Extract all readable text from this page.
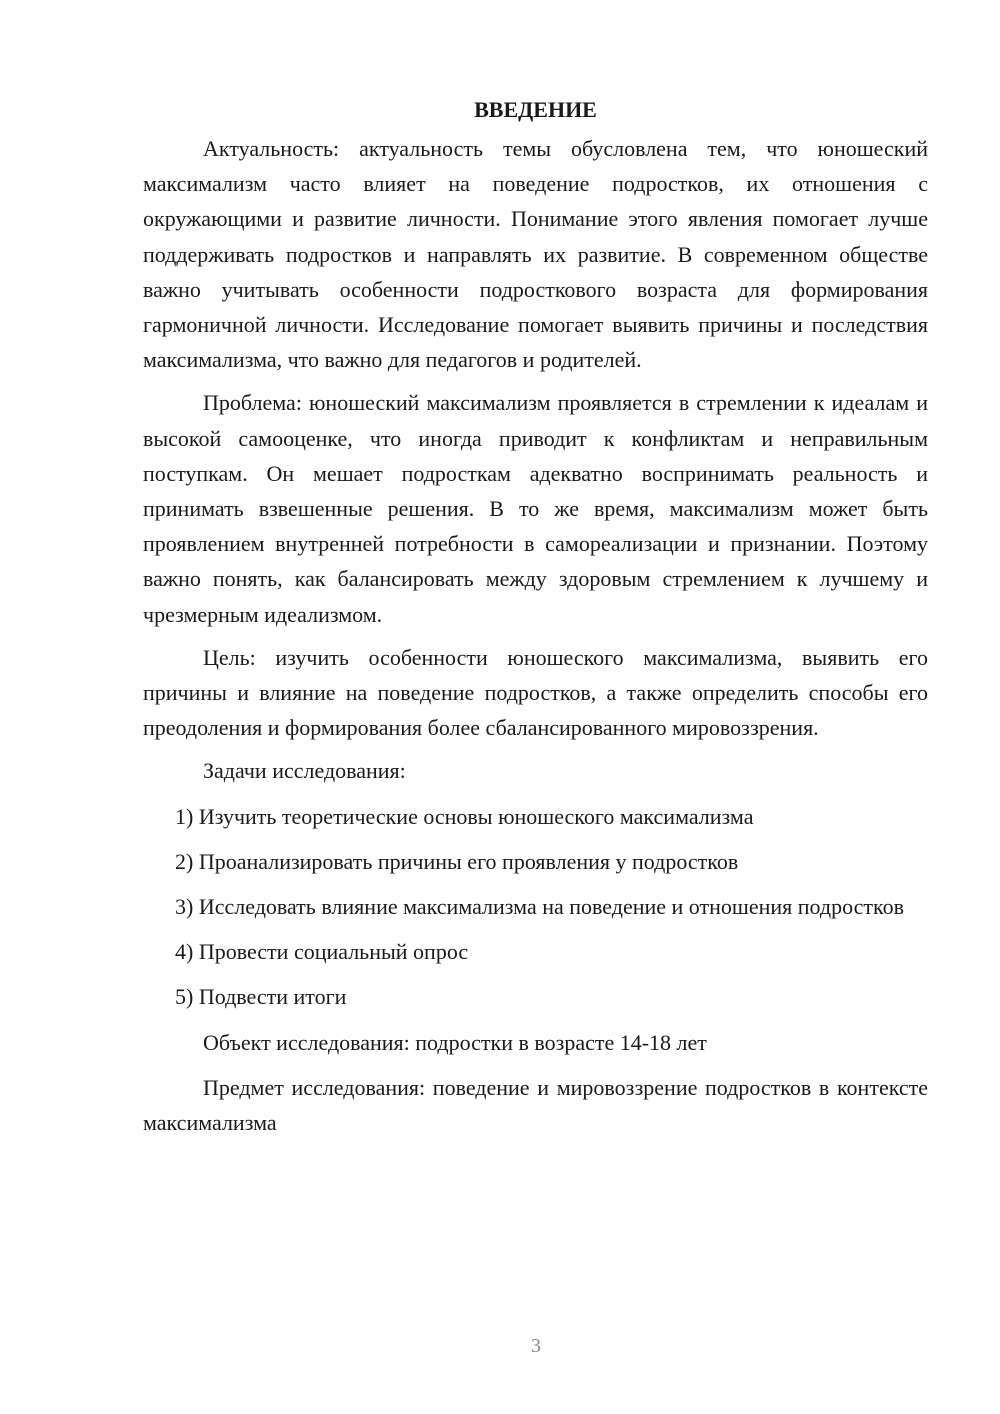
ВВЕДЕНИЕ

Актуальность: актуальность темы обусловлена тем, что юношеский максимализм часто влияет на поведение подростков, их отношения с окружающими и развитие личности. Понимание этого явления помогает лучше поддерживать подростков и направлять их развитие. В современном обществе важно учитывать особенности подросткового возраста для формирования гармоничной личности. Исследование помогает выявить причины и последствия максимализма, что важно для педагогов и родителей.

Проблема: юношеский максимализм проявляется в стремлении к идеалам и высокой самооценке, что иногда приводит к конфликтам и неправильным поступкам. Он мешает подросткам адекватно воспринимать реальность и принимать взвешенные решения. В то же время, максимализм может быть проявлением внутренней потребности в самореализации и признании. Поэтому важно понять, как балансировать между здоровым стремлением к лучшему и чрезмерным идеализмом.

Цель: изучить особенности юношеского максимализма, выявить его причины и влияние на поведение подростков, а также определить способы его преодоления и формирования более сбалансированного мировоззрения.

Задачи исследования:

1) Изучить теоретические основы юношеского максимализма

2) Проанализировать причины его проявления у подростков

3) Исследовать влияние максимализма на поведение и отношения подростков

4) Провести социальный опрос

5) Подвести итоги

Объект исследования: подростки в возрасте 14-18 лет

Предмет исследования: поведение и мировоззрение подростков в контексте максимализма

3
